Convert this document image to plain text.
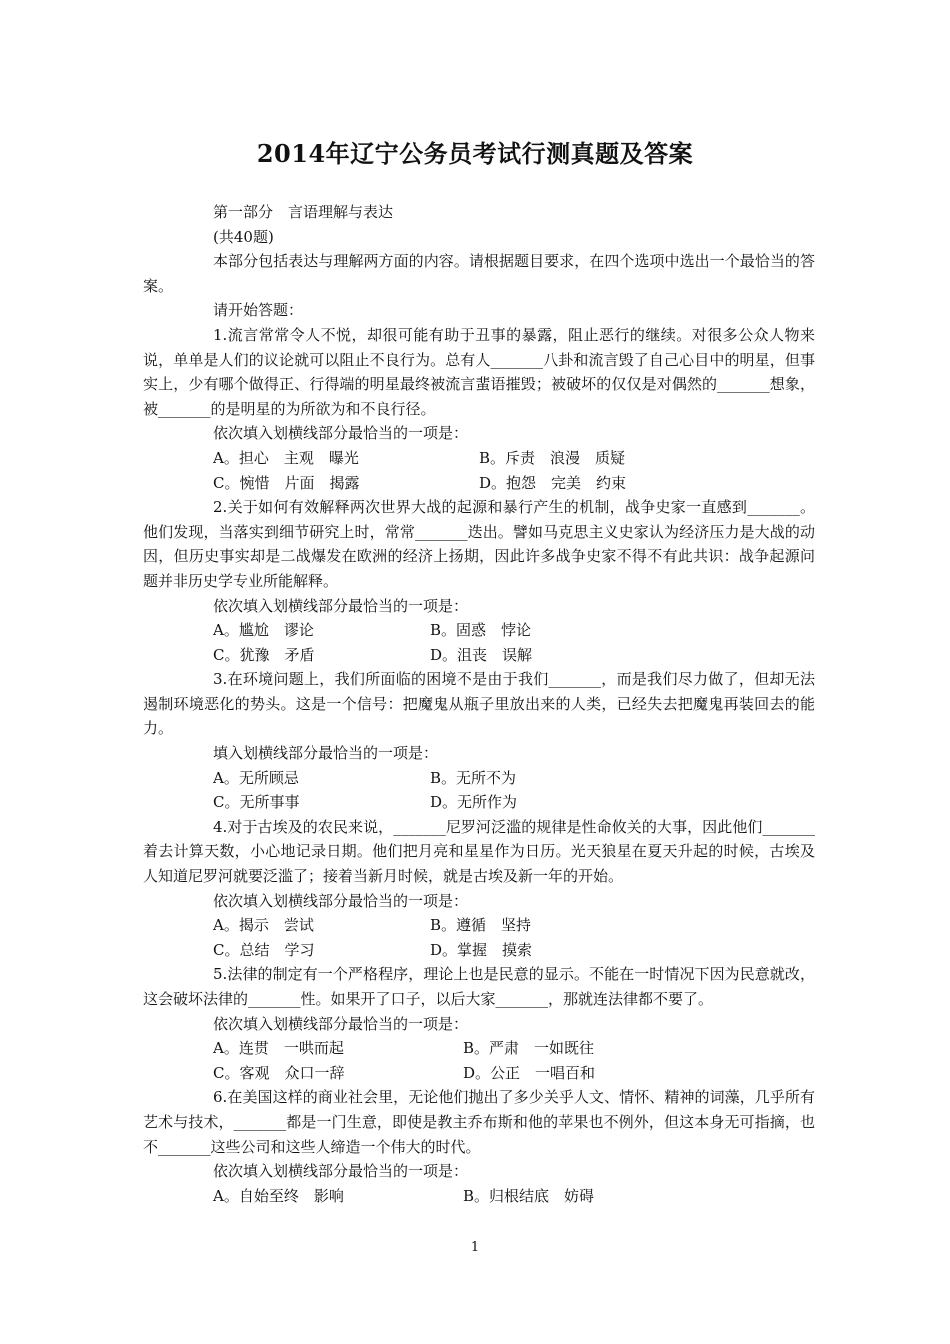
2014年辽宁公务员考试行测真题及答案

第一部分　言语理解与表达

(共40题)

本部分包括表达与理解两方面的内容。请根据题目要求，在四个选项中选出一个最恰当的答案。

请开始答题：

1.流言常常令人不悦，却很可能有助于丑事的暴露，阻止恶行的继续。对很多公众人物来说，单单是人们的议论就可以阻止不良行为。总有人_______八卦和流言毁了自己心目中的明星，但事实上，少有哪个做得正、行得端的明星最终被流言蜚语摧毁；被破坏的仅仅是对偶然的_______想象，被_______的是明星的为所欲为和不良行径。

依次填入划横线部分最恰当的一项是：

A。担心　主观　曝光	B。斥责　浪漫　质疑
C。惋惜　片面　揭露	D。抱怨　完美　约束

2.关于如何有效解释两次世界大战的起源和暴行产生的机制，战争史家一直感到_______。他们发现，当落实到细节研究上时，常常_______迭出。譬如马克思主义史家认为经济压力是大战的动因，但历史事实却是二战爆发在欧洲的经济上扬期，因此许多战争史家不得不有此共识：战争起源问题并非历史学专业所能解释。

依次填入划横线部分最恰当的一项是：

A。尴尬　谬论	B。固惑　悖论
C。犹豫　矛盾	D。沮丧　误解

3.在环境问题上，我们所面临的困境不是由于我们_______，而是我们尽力做了，但却无法遏制环境恶化的势头。这是一个信号：把魔鬼从瓶子里放出来的人类，已经失去把魔鬼再装回去的能力。

填入划横线部分最恰当的一项是：

A。无所顾忌	B。无所不为
C。无所事事	D。无所作为

4.对于古埃及的农民来说，_______尼罗河泛滥的规律是性命攸关的大事，因此他们_______着去计算天数，小心地记录日期。他们把月亮和星星作为日历。光天狼星在夏天升起的时候，古埃及人知道尼罗河就要泛滥了；接着当新月时候，就是古埃及新一年的开始。

依次填入划横线部分最恰当的一项是：

A。揭示　尝试	B。遵循　坚持
C。总结　学习	D。掌握　摸索

5.法律的制定有一个严格程序，理论上也是民意的显示。不能在一时情况下因为民意就改，这会破坏法律的_______性。如果开了口子，以后大家_______，那就连法律都不要了。

依次填入划横线部分最恰当的一项是：

A。连贯　一哄而起	B。严肃　一如既往
C。客观　众口一辞	D。公正　一唱百和

6.在美国这样的商业社会里，无论他们抛出了多少关乎人文、情怀、精神的词藻，几乎所有艺术与技术，_______都是一门生意，即使是教主乔布斯和他的苹果也不例外，但这本身无可指摘，也不_______这些公司和这些人缔造一个伟大的时代。

依次填入划横线部分最恰当的一项是：

A。自始至终　影响	B。归根结底　妨碍
1
